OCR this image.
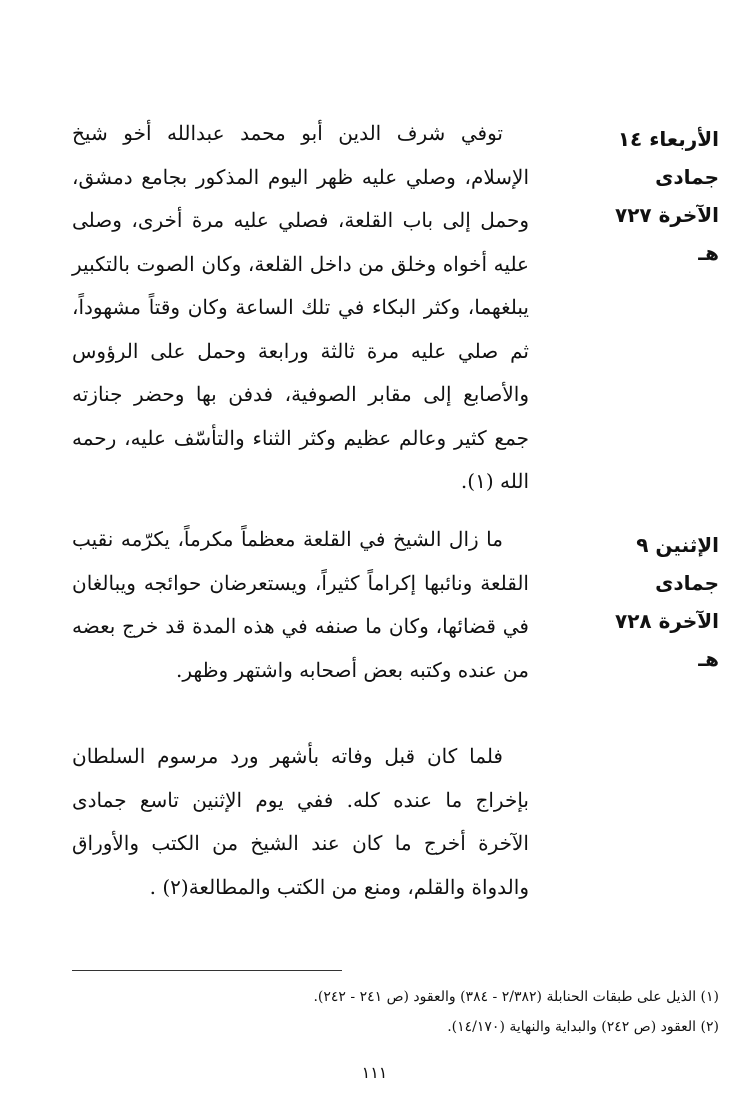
الأربعاء ١٤ جمادى الآخرة ٧٢٧ هـ

توفي شرف الدين أبو محمد عبدالله أخو شيخ الإسلام، وصلي عليه ظهر اليوم المذكور بجامع دمشق، وحمل إلى باب القلعة، فصلي عليه مرة أخرى، وصلى عليه أخواه وخلق من داخل القلعة، وكان الصوت بالتكبير يبلغهما، وكثر البكاء في تلك الساعة وكان وقتاً مشهوداً، ثم صلي عليه مرة ثالثة ورابعة وحمل على الرؤوس والأصابع إلى مقابر الصوفية، فدفن بها وحضر جنازته جمع كثير وعالم عظيم وكثر الثناء والتأسّف عليه، رحمه الله (١).

الإثنين ٩ جمادى الآخرة ٧٢٨ هـ

ما زال الشيخ في القلعة معظماً مكرماً، يكرّمه نقيب القلعة ونائبها إكراماً كثيراً، ويستعرضان حوائجه ويبالغان في قضائها، وكان ما صنفه في هذه المدة قد خرج بعضه من عنده وكتبه بعض أصحابه واشتهر وظهر.

فلما كان قبل وفاته بأشهر ورد مرسوم السلطان بإخراج ما عنده كله. ففي يوم الإثنين تاسع جمادى الآخرة أخرج ما كان عند الشيخ من الكتب والأوراق والدواة والقلم، ومنع من الكتب والمطالعة(٢) .

(١) الذيل على طبقات الحنابلة (٢/٣٨٢ - ٣٨٤) والعقود (ص ٢٤١ - ٢٤٢).

(٢) العقود (ص ٢٤٢) والبداية والنهاية (١٤/١٧٠).

١١١
